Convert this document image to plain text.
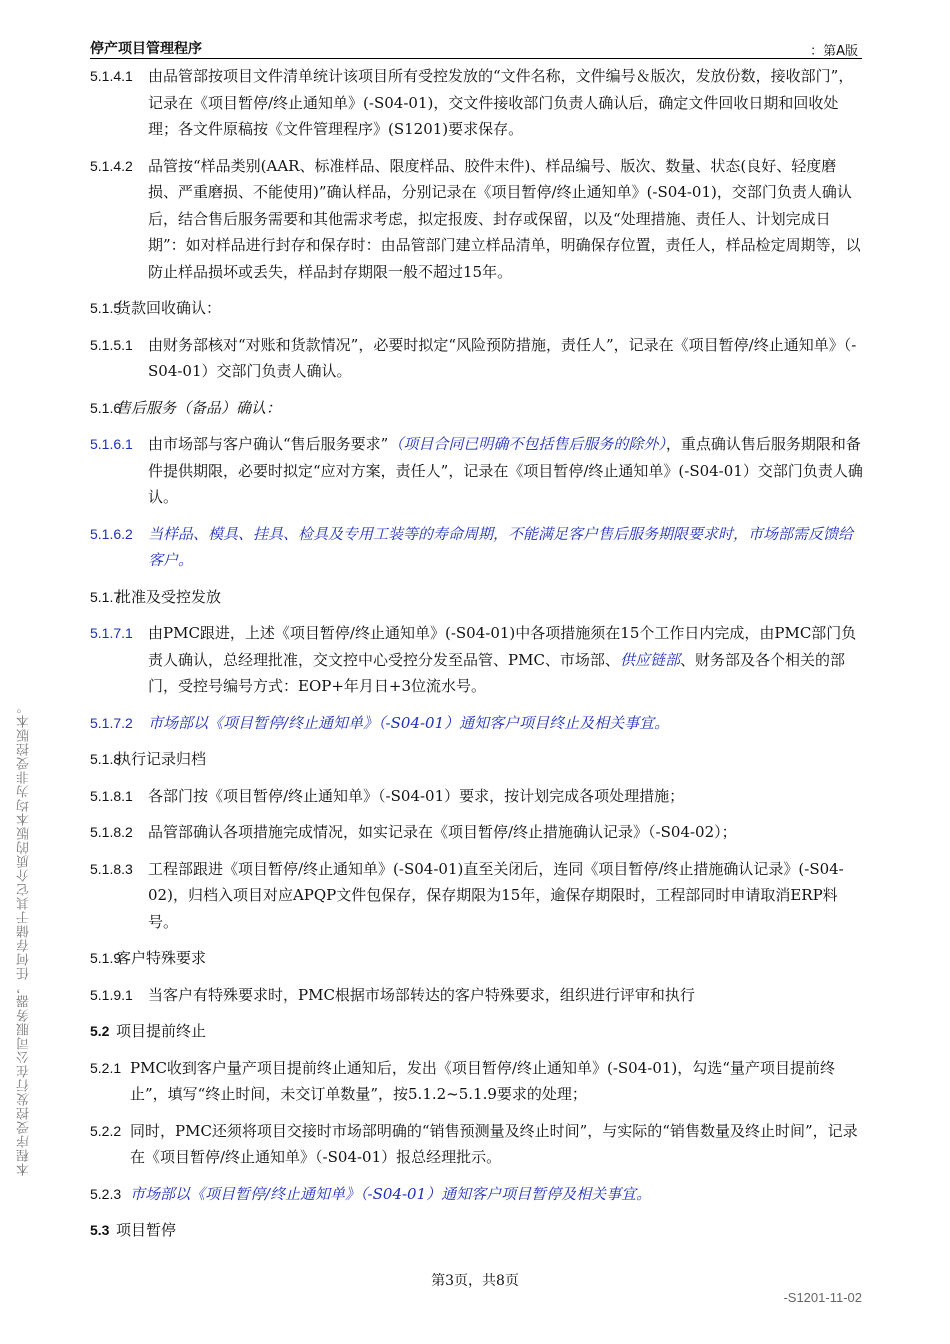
停产项目管理程序	：第A版
5.1.4.1	由品管部按项目文件清单统计该项目所有受控发放的“文件名称，文件编号＆版次，发放份数，接收部门”，记录在《项目暂停/终止通知单》(-S04-01)，交文件接收部门负责人确认后，确定文件回收日期和回收处理；各文件原稿按《文件管理程序》(S1201)要求保存。
5.1.4.2	品管按“样品类别(AAR、标准样品、限度样品、胶件末件)、样品编号、版次、数量、状态(良好、轻度磨损、严重磨损、不能使用)”确认样品，分别记录在《项目暂停/终止通知单》(-S04-01)，交部门负责人确认后，结合售后服务需要和其他需求考虑，拟定报废、封存或保留，以及“处理措施、责任人、计划完成日期”：如对样品进行封存和保存时：由品管部门建立样品清单，明确保存位置，责任人，样品检定周期等，以防止样品损坏或丢失，样品封存期限一般不超过15年。
5.1.5
货款回收确认：
5.1.5.1	由财务部核对“对账和货款情况”，必要时拟定“风险预防措施，责任人”，记录在《项目暂停/终止通知单》（-S04-01）交部门负责人确认。
5.1.6
售后服务（备品）确认：
5.1.6.1	由市场部与客户确认“售后服务要求”（项目合同已明确不包括售后服务的除外），重点确认售后服务期限和备件提供期限，必要时拟定“应对方案，责任人”，记录在《项目暂停/终止通知单》(-S04-01）交部门负责人确认。
5.1.6.2	当样品、模具、挂具、检具及专用工装等的寿命周期，不能满足客户售后服务期限要求时，市场部需反馈给客户。
5.1.7
批准及受控发放
5.1.7.1	由PMC跟进，上述《项目暂停/终止通知单》(-S04-01)中各项措施须在15个工作日内完成，由PMC部门负责人确认，总经理批准，交文控中心受控分发至品管、PMC、市场部、供应链部、财务部及各个相关的部门，受控号编号方式：EOP+年月日+3位流水号。
5.1.7.2	市场部以《项目暂停/终止通知单》（-S04-01）通知客户项目终止及相关事宜。
5.1.8
执行记录归档
5.1.8.1	各部门按《项目暂停/终止通知单》（-S04-01）要求，按计划完成各项处理措施；
5.1.8.2	品管部确认各项措施完成情况，如实记录在《项目暂停/终止措施确认记录》（-S04-02）；
5.1.8.3	工程部跟进《项目暂停/终止通知单》(-S04-01)直至关闭后，连同《项目暂停/终止措施确认记录》(-S04-02)，归档入项目对应APQP文件包保存，保存期限为15年，逾保存期限时，工程部同时申请取消ERP料号。
5.1.9
客户特殊要求
5.1.9.1	当客户有特殊要求时，PMC根据市场部转达的客户特殊要求，组织进行评审和执行
5.2 项目提前终止
5.2.1 PMC收到客户量产项目提前终止通知后，发出《项目暂停/终止通知单》(-S04-01)，勾选“量产项目提前终止”，填写“终止时间，未交订单数量”，按5.1.2~5.1.9要求的处理；
5.2.2 同时，PMC还须将项目交接时市场部明确的“销售预测量及终止时间”，与实际的“销售数量及终止时间”，记录在《项目暂停/终止通知单》（-S04-01）报总经理批示。
5.2.3 市场部以《项目暂停/终止通知单》（-S04-01）通知客户项目暂停及相关事宜。
5.3 项目暂停
本程序受控发行在公司服务器，任何存储于其它介质的版本均为非受控版本。
第3页，共8页
-S1201-11-02
